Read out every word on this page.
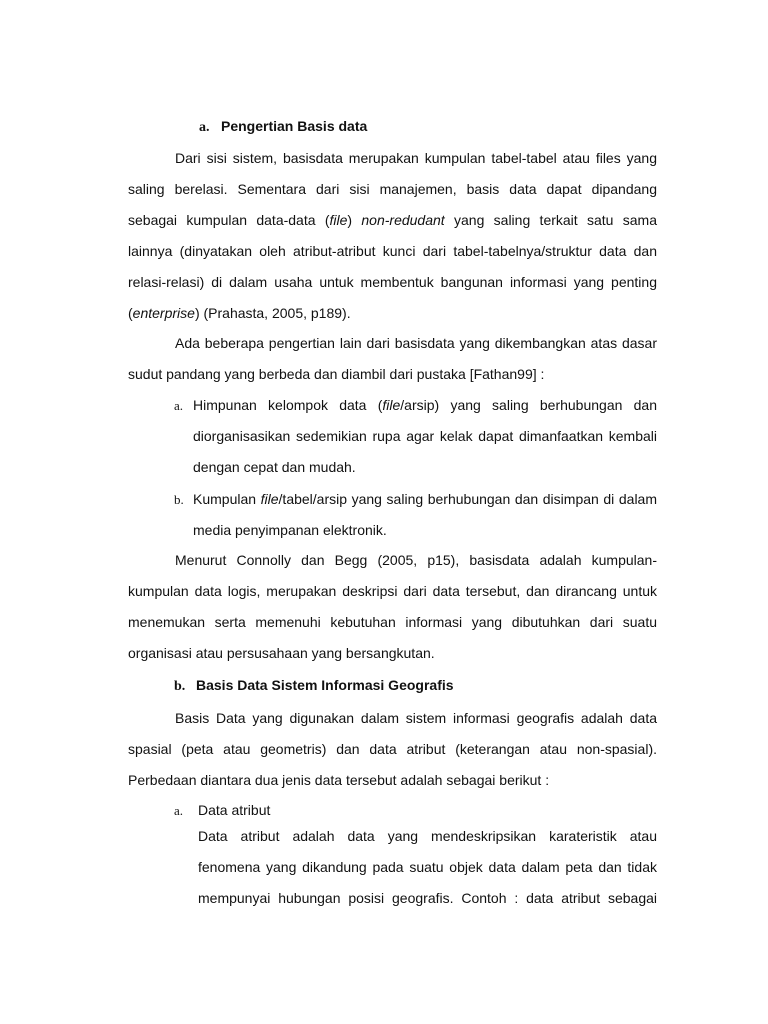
a. Pengertian Basis data
Dari sisi sistem, basisdata merupakan kumpulan tabel-tabel atau files yang
saling berelasi. Sementara dari sisi manajemen, basis data dapat dipandang
sebagai kumpulan data-data (file) non-redudant yang saling terkait satu sama
lainnya (dinyatakan oleh atribut-atribut kunci dari tabel-tabelnya/struktur data dan
relasi-relasi) di dalam usaha untuk membentuk bangunan informasi yang penting
(enterprise) (Prahasta, 2005, p189).
Ada beberapa pengertian lain dari basisdata yang dikembangkan atas dasar
sudut pandang yang berbeda dan diambil dari pustaka [Fathan99] :
a. Himpunan kelompok data (file/arsip) yang saling berhubungan dan
diorganisasikan sedemikian rupa agar kelak dapat dimanfaatkan kembali
dengan cepat dan mudah.
b. Kumpulan file/tabel/arsip yang saling berhubungan dan disimpan di dalam
media penyimpanan elektronik.
Menurut Connolly dan Begg (2005, p15), basisdata adalah kumpulan-
kumpulan data logis, merupakan deskripsi dari data tersebut, dan dirancang untuk
menemukan serta memenuhi kebutuhan informasi yang dibutuhkan dari suatu
organisasi atau persusahaan yang bersangkutan.
b. Basis Data Sistem Informasi Geografis
Basis Data yang digunakan dalam sistem informasi geografis adalah data
spasial (peta atau geometris) dan data atribut (keterangan atau non-spasial).
Perbedaan diantara dua jenis data tersebut adalah sebagai berikut :
a. Data atribut
Data atribut adalah data yang mendeskripsikan karateristik atau
fenomena yang dikandung pada suatu objek data dalam peta dan tidak
mempunyai hubungan posisi geografis. Contoh : data atribut sebagai
